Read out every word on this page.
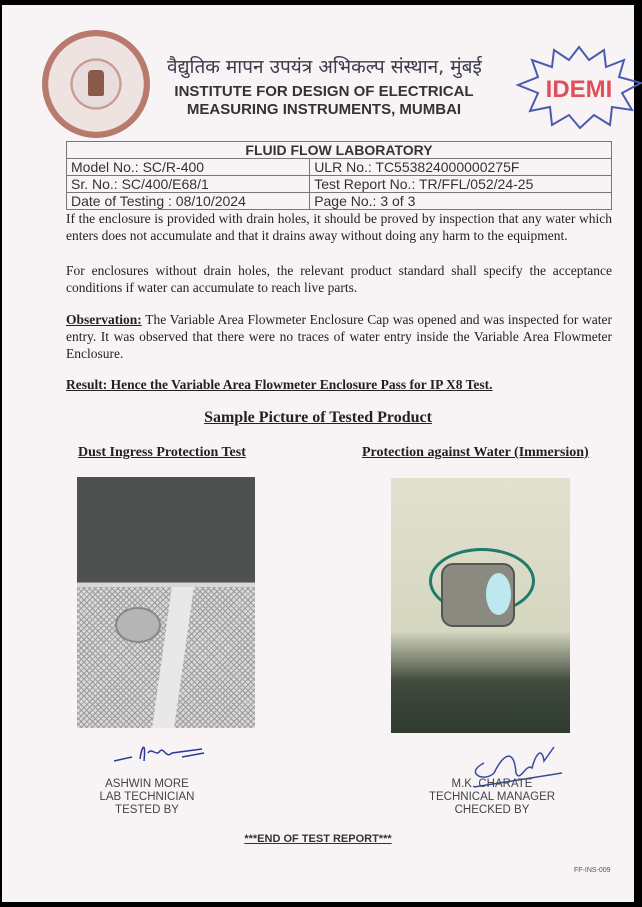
वैद्युतिक मापन उपयंत्र अभिकल्प संस्थान, मुंबई
INSTITUTE FOR DESIGN OF ELECTRICAL
MEASURING INSTRUMENTS, MUMBAI
IDEMI
FLUID FLOW LABORATORY	
Model No.: SC/R-400	ULR No.: TC553824000000275F
Sr. No.: SC/400/E68/1	Test Report No.: TR/FFL/052/24-25
Date of Testing : 08/10/2024	Page No.: 3 of 3
If the enclosure is provided with drain holes, it should be proved by inspection that any water which enters does not accumulate and that it drains away without doing any harm to the equipment.
For enclosures without drain holes, the relevant product standard shall specify the acceptance conditions if water can accumulate to reach live parts.
Observation: The Variable Area Flowmeter Enclosure Cap was opened and was inspected for water entry. It was observed that there were no traces of water entry inside the Variable Area Flowmeter Enclosure.
Result: Hence the Variable Area Flowmeter Enclosure Pass for IP X8 Test.
Sample Picture of Tested Product
Dust Ingress Protection Test	Protection against Water (Immersion)
ASHWIN MORE
LAB TECHNICIAN
TESTED BY
M.K. CHARATE
TECHNICAL MANAGER
CHECKED BY
***END OF TEST REPORT***
FF-INS-009
